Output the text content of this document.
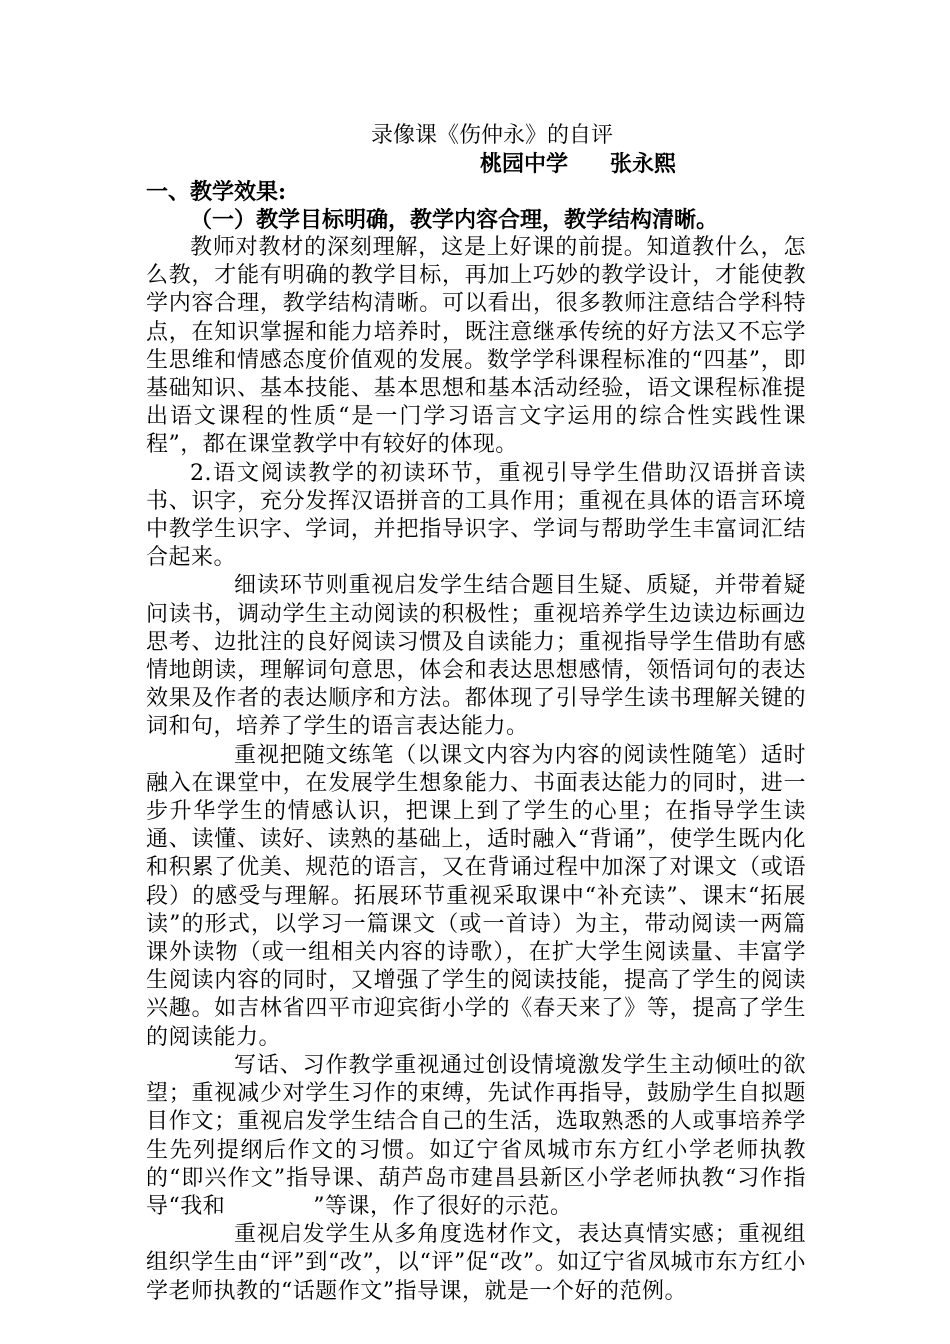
录像课《伤仲永》的自评

桃园中学 张永熙

一、教学效果:
（一）教学目标明确，教学内容合理，教学结构清晰。

教师对教材的深刻理解，这是上好课的前提。知道教什么，怎么教，才能有明确的教学目标，再加上巧妙的教学设计，才能使教学内容合理，教学结构清晰。可以看出，很多教师注意结合学科特点，在知识掌握和能力培养时，既注意继承传统的好方法又不忘学生思维和情感态度价值观的发展。数学学科课程标准的“四基”，即基础知识、基本技能、基本思想和基本活动经验，语文课程标准提出语文课程的性质“是一门学习语言文字运用的综合性实践性课程”，都在课堂教学中有较好的体现。

2.语文阅读教学的初读环节，重视引导学生借助汉语拼音读书、识字，充分发挥汉语拼音的工具作用；重视在具体的语言环境中教学生识字、学词，并把指导识字、学词与帮助学生丰富词汇结合起来。

细读环节则重视启发学生结合题目生疑、质疑，并带着疑问读书，调动学生主动阅读的积极性；重视培养学生边读边标画边思考、边批注的良好阅读习惯及自读能力；重视指导学生借助有感情地朗读，理解词句意思，体会和表达思想感情，领悟词句的表达效果及作者的表达顺序和方法。都体现了引导学生读书理解关键的词和句，培养了学生的语言表达能力。

重视把随文练笔（以课文内容为内容的阅读性随笔）适时融入在课堂中，在发展学生想象能力、书面表达能力的同时，进一步升华学生的情感认识，把课上到了学生的心里；在指导学生读通、读懂、读好、读熟的基础上，适时融入“背诵”，使学生既内化和积累了优美、规范的语言，又在背诵过程中加深了对课文（或语段）的感受与理解。拓展环节重视采取课中“补充读”、课末“拓展读”的形式，以学习一篇课文（或一首诗）为主，带动阅读一两篇课外读物（或一组相关内容的诗歌），在扩大学生阅读量、丰富学生阅读内容的同时，又增强了学生的阅读技能，提高了学生的阅读兴趣。如吉林省四平市迎宾街小学的《春天来了》等，提高了学生的阅读能力。

写话、习作教学重视通过创设情境激发学生主动倾吐的欲望；重视减少对学生习作的束缚，先试作再指导，鼓励学生自拟题目作文；重视启发学生结合自己的生活，选取熟悉的人或事培养学生先列提纲后作文的习惯。如辽宁省凤城市东方红小学老师执教的“即兴作文”指导课、葫芦岛市建昌县新区小学老师执教“习作指导“我和	”等课，作了很好的示范。

重视启发学生从多角度选材作文，表达真情实感；重视组组织学生由“评”到“改”，以“评”促“改”。如辽宁省凤城市东方红小学老师执教的“话题作文”指导课，就是一个好的范例。
